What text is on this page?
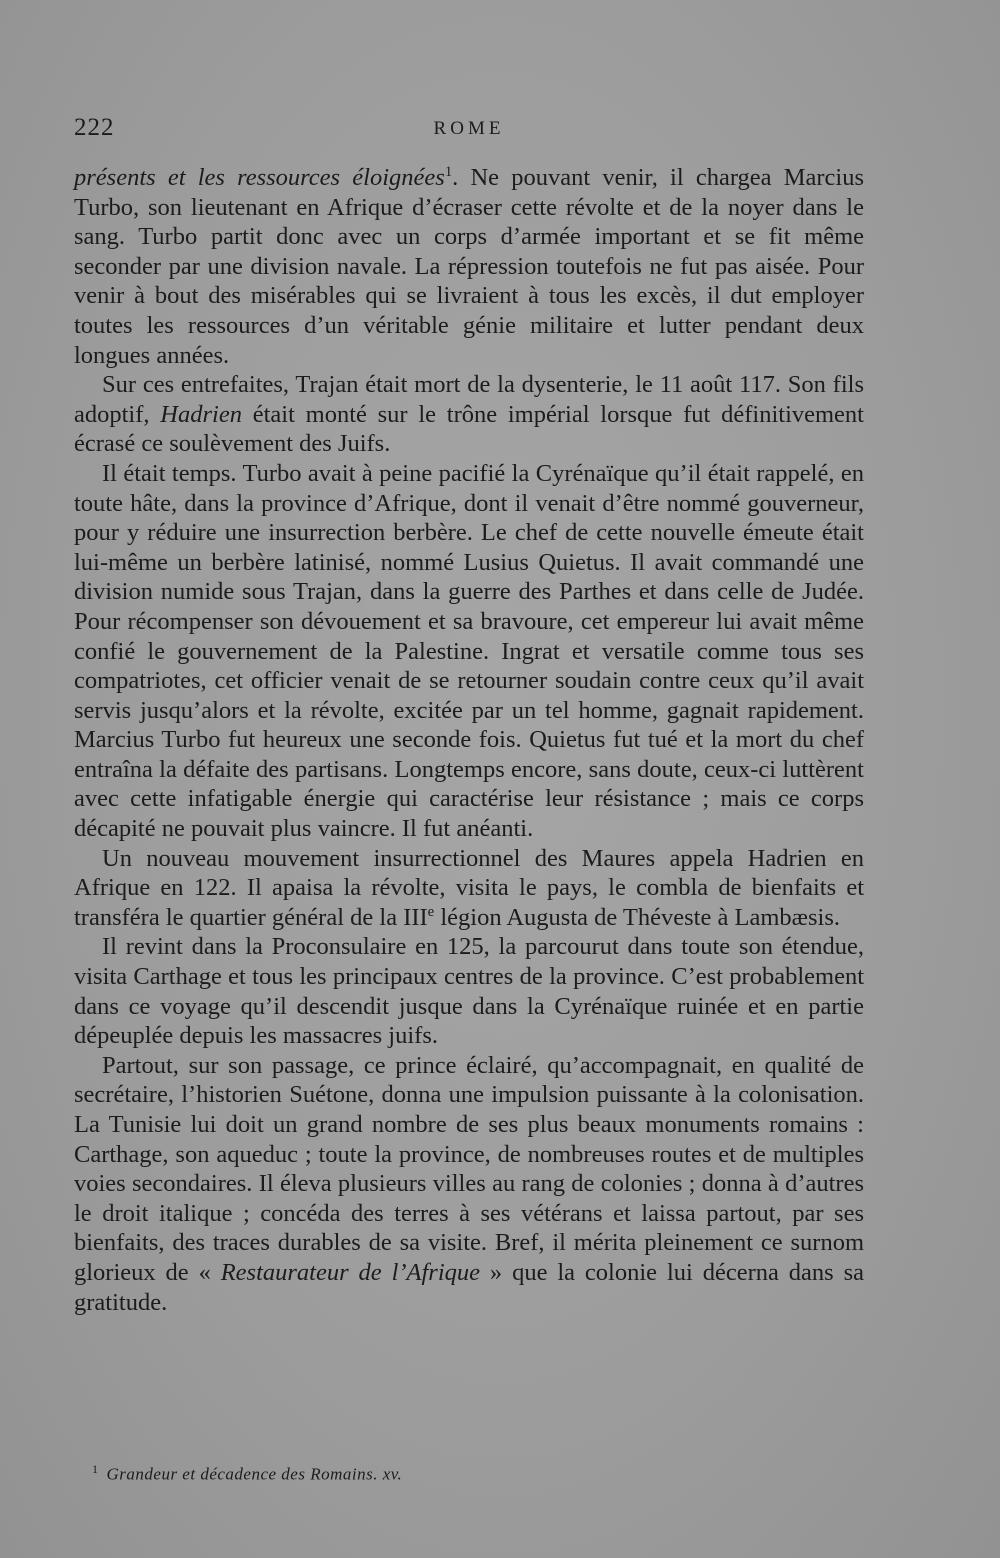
222	ROME

présents et les ressources éloignées$^1$. Ne pouvant venir, il chargea Marcius Turbo, son lieutenant en Afrique d’écraser cette révolte et de la noyer dans le sang. Turbo partit donc avec un corps d’armée important et se fit même seconder par une division navale. La répression toutefois ne fut pas aisée. Pour venir à bout des misérables qui se livraient à tous les excès, il dut employer toutes les ressources d’un véritable génie militaire et lutter pendant deux longues années.

Sur ces entrefaites, Trajan était mort de la dysenterie, le 11 août 117. Son fils adoptif, Hadrien était monté sur le trône impérial lorsque fut définitivement écrasé ce soulèvement des Juifs.

Il était temps. Turbo avait à peine pacifié la Cyrénaïque qu’il était rappelé, en toute hâte, dans la province d’Afrique, dont il venait d’être nommé gouverneur, pour y réduire une insurrection berbère. Le chef de cette nouvelle émeute était lui-même un berbère latinisé, nommé Lusius Quietus. Il avait commandé une division numide sous Trajan, dans la guerre des Parthes et dans celle de Judée. Pour récompenser son dévouement et sa bravoure, cet empereur lui avait même confié le gouvernement de la Palestine. Ingrat et versatile comme tous ses compatriotes, cet officier venait de se retourner soudain contre ceux qu’il avait servis jusqu’alors et la révolte, excitée par un tel homme, gagnait rapidement. Marcius Turbo fut heureux une seconde fois. Quietus fut tué et la mort du chef entraîna la défaite des partisans. Longtemps encore, sans doute, ceux-ci luttèrent avec cette infatigable énergie qui caractérise leur résistance ; mais ce corps décapité ne pouvait plus vaincre. Il fut anéanti.

Un nouveau mouvement insurrectionnel des Maures appela Hadrien en Afrique en 122. Il apaisa la révolte, visita le pays, le combla de bienfaits et transféra le quartier général de la IIIe légion Augusta de Théveste à Lambæsis.

Il revint dans la Proconsulaire en 125, la parcourut dans toute son étendue, visita Carthage et tous les principaux centres de la province. C’est probablement dans ce voyage qu’il descendit jusque dans la Cyrénaïque ruinée et en partie dépeuplée depuis les massacres juifs.

Partout, sur son passage, ce prince éclairé, qu’accompagnait, en qualité de secrétaire, l’historien Suétone, donna une impulsion puissante à la colonisation. La Tunisie lui doit un grand nombre de ses plus beaux monuments romains : Carthage, son aqueduc ; toute la province, de nombreuses routes et de multiples voies secondaires. Il éleva plusieurs villes au rang de colonies ; donna à d’autres le droit italique ; concéda des terres à ses vétérans et laissa partout, par ses bienfaits, des traces durables de sa visite. Bref, il mérita pleinement ce surnom glorieux de « Restaurateur de l’Afrique » que la colonie lui décerna dans sa gratitude.

$^1$ Grandeur et décadence des Romains. xv.
